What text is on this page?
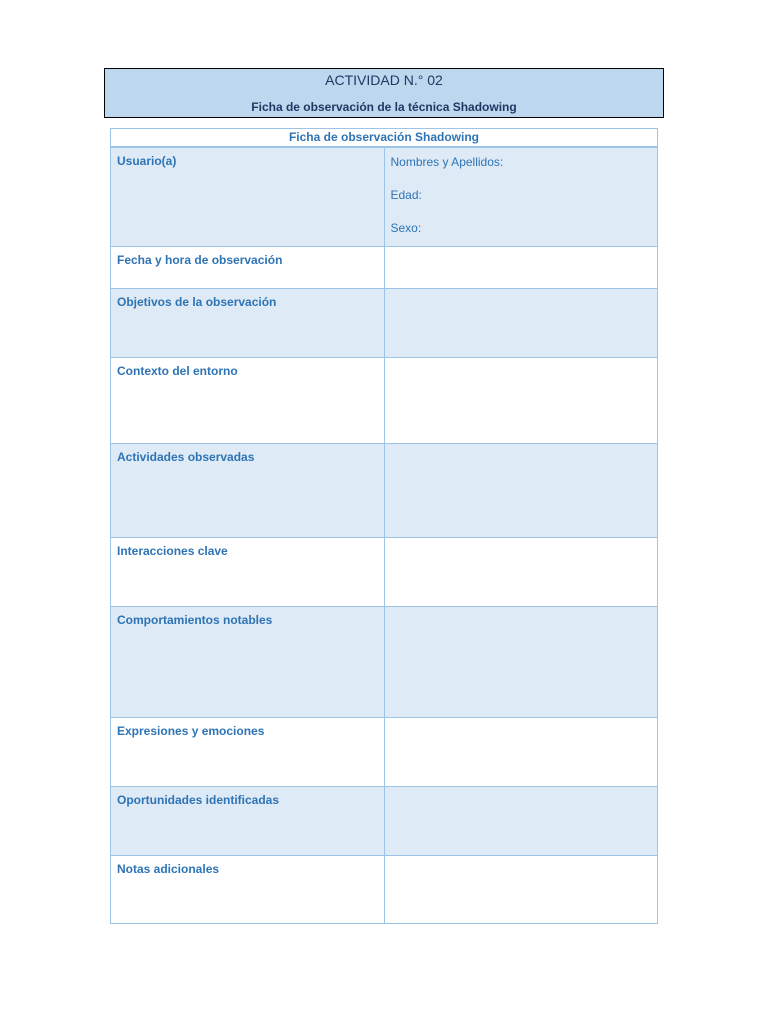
ACTIVIDAD N.° 02
Ficha de observación de la técnica Shadowing
Ficha de observación Shadowing	
Usuario(a)	Nombres y Apellidos:
Edad:
Sexo:

Fecha y hora de observación	
Objetivos de la observación	
Contexto del entorno	
Actividades observadas	
Interacciones clave	
Comportamientos notables	
Expresiones y emociones	
Oportunidades identificadas	
Notas adicionales	
